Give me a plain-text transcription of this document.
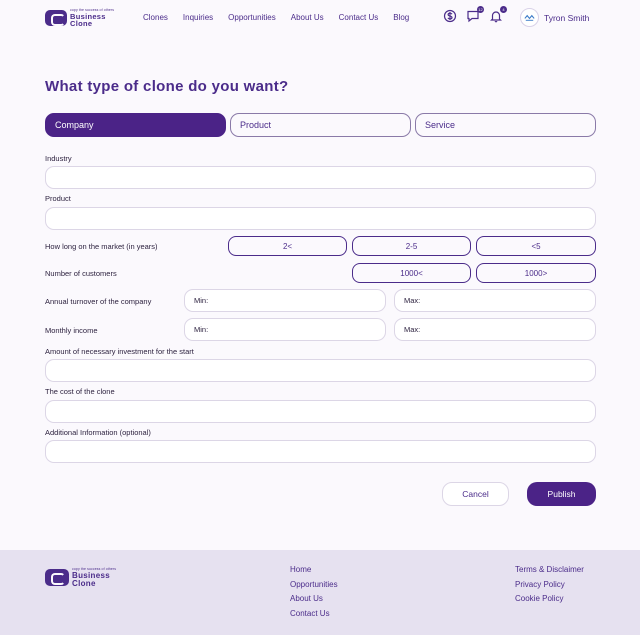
copy the success of others
Business
Clone
Clones Inquiries Opportunities About Us Contact Us Blog
12	4
Tyron Smith
What type of clone do you want?
Company	Product	Service
Industry
Product
How long on the market (in years)	2<	2-5	<5
Number of customers	1000<	1000>
Annual turnover of the company	Min:	Max:
Monthly income	Min:	Max:
Amount of necessary investment for the start
The cost of the clone
Additional Information (optional)
Cancel	Publish
copy the success of others
Business
Clone
Home
Opportunities
About Us
Contact Us
Terms & Disclaimer
Privacy Policy
Cookie Policy
